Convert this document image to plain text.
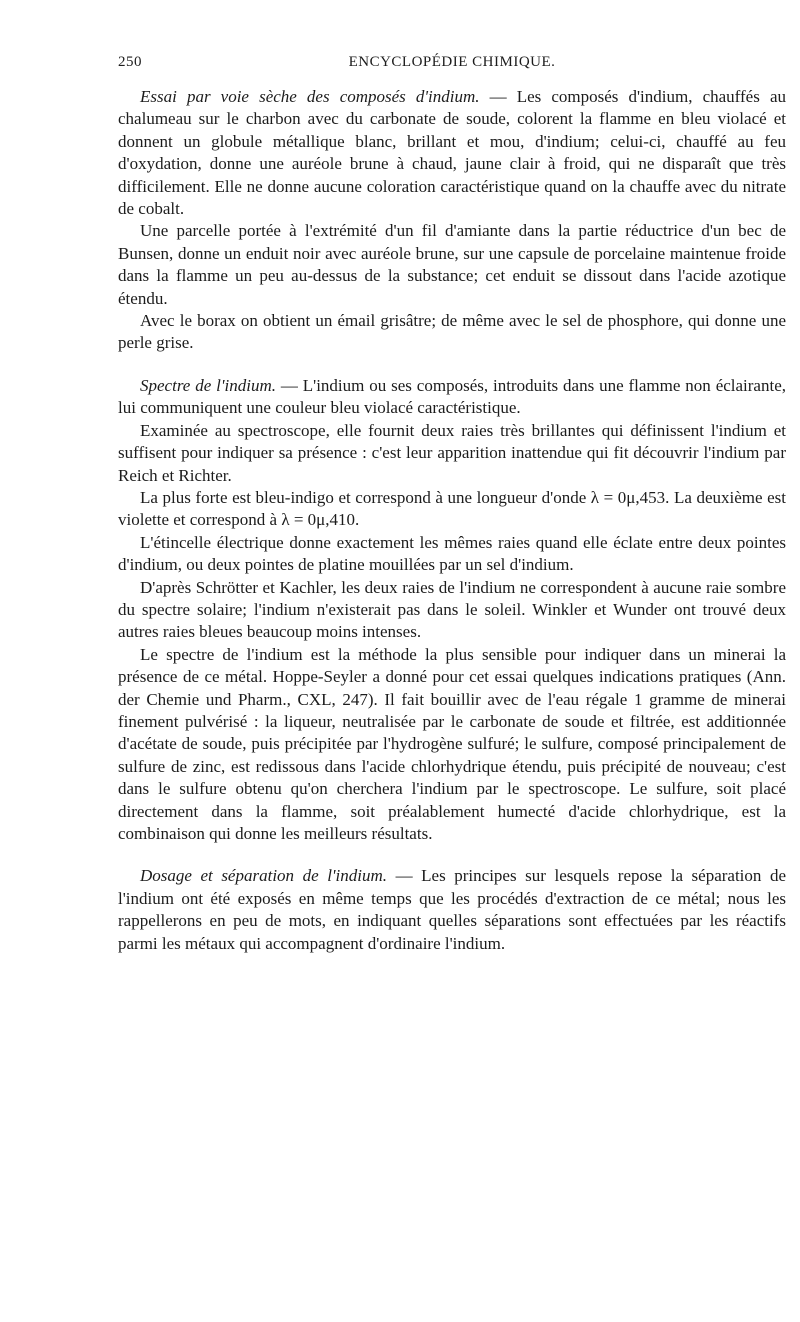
250	ENCYCLOPÉDIE CHIMIQUE.

Essai par voie sèche des composés d'indium. — Les composés d'indium, chauffés au chalumeau sur le charbon avec du carbonate de soude, colorent la flamme en bleu violacé et donnent un globule métallique blanc, brillant et mou, d'indium; celui-ci, chauffé au feu d'oxydation, donne une auréole brune à chaud, jaune clair à froid, qui ne disparaît que très difficilement. Elle ne donne aucune coloration caractéristique quand on la chauffe avec du nitrate de cobalt.

Une parcelle portée à l'extrémité d'un fil d'amiante dans la partie réductrice d'un bec de Bunsen, donne un enduit noir avec auréole brune, sur une capsule de porcelaine maintenue froide dans la flamme un peu au-dessus de la substance; cet enduit se dissout dans l'acide azotique étendu.

Avec le borax on obtient un émail grisâtre; de même avec le sel de phosphore, qui donne une perle grise.

Spectre de l'indium. — L'indium ou ses composés, introduits dans une flamme non éclairante, lui communiquent une couleur bleu violacé caractéristique.

Examinée au spectroscope, elle fournit deux raies très brillantes qui définissent l'indium et suffisent pour indiquer sa présence : c'est leur apparition inattendue qui fit découvrir l'indium par Reich et Richter.

La plus forte est bleu-indigo et correspond à une longueur d'onde λ = 0μ,453. La deuxième est violette et correspond à λ = 0μ,410.

L'étincelle électrique donne exactement les mêmes raies quand elle éclate entre deux pointes d'indium, ou deux pointes de platine mouillées par un sel d'indium.

D'après Schrötter et Kachler, les deux raies de l'indium ne correspondent à aucune raie sombre du spectre solaire; l'indium n'existerait pas dans le soleil. Winkler et Wunder ont trouvé deux autres raies bleues beaucoup moins intenses.

Le spectre de l'indium est la méthode la plus sensible pour indiquer dans un minerai la présence de ce métal. Hoppe-Seyler a donné pour cet essai quelques indications pratiques (Ann. der Chemie und Pharm., CXL, 247). Il fait bouillir avec de l'eau régale 1 gramme de minerai finement pulvérisé : la liqueur, neutralisée par le carbonate de soude et filtrée, est additionnée d'acétate de soude, puis précipitée par l'hydrogène sulfuré; le sulfure, composé principalement de sulfure de zinc, est redissous dans l'acide chlorhydrique étendu, puis précipité de nouveau; c'est dans le sulfure obtenu qu'on cherchera l'indium par le spectroscope. Le sulfure, soit placé directement dans la flamme, soit préalablement humecté d'acide chlorhydrique, est la combinaison qui donne les meilleurs résultats.

Dosage et séparation de l'indium. — Les principes sur lesquels repose la séparation de l'indium ont été exposés en même temps que les procédés d'extraction de ce métal; nous les rappellerons en peu de mots, en indiquant quelles séparations sont effectuées par les réactifs parmi les métaux qui accompagnent d'ordinaire l'indium.
